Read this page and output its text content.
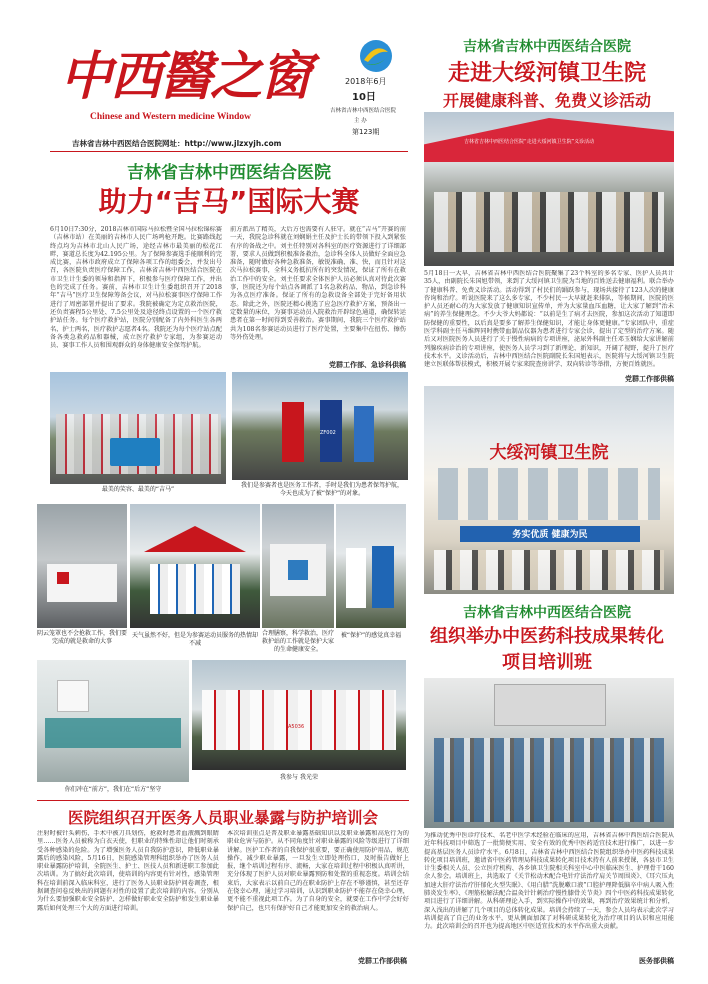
中西醫之窗
Chinese and Western medicine Window
2018年6月
10日
吉林省吉林中西医结合医院
主 办
第123期
吉林省吉林中西医结合医院网址：http://www.jlzxyjh.com
吉林省吉林中西医结合医院
助力“吉马”国际大赛
6月10日7:30分，2018吉林市国际马拉松暨全国马拉松锦标赛（吉林市站）在美丽的吉林市人民广场鸣枪开跑。比赛路线起终点均为吉林市北山人民广场，途经吉林市最美丽的松花江畔，赛道总长度为42.195公里。为了保障参赛选手能顺利的完成比赛，吉林市政府成立了保障各项工作的组委会，并发出号召，各医院负责医疗保障工作，吉林省吉林中西医结合医院在市卫生计生委的领导和指挥下，积极参与医疗保障工作，并出色的完成了任务。赛前，吉林市卫生计生委组织召开了2018年“吉马”医疗卫生保障筹备会议，对马拉松赛事医疗保障工作进行了周密部署并提出了要求。我院被确定为定点救治医院，还负责赛程5公里处、7.5公里处及途径终点设置的一个医疗救护站任务。每个医疗救护站，医院分别配备了内外科医生各两名，护士两名，医疗救护志愿者4名。我院还为每个医疗站点配备各类急救药品和器械，成立医疗救护专家组，为参赛运动员、赛事工作人员和围观群众的身体健康安全保驾护航。
前方派出了精英，大后方也需要有人驻守。就在“吉马”开赛的前一天，我院急诊科就在刘娴娟主任及护士长的带领下投入到紧张有序的备战之中。刘主任特别对各科室的医疗资源进行了详细部署，要求人员做到积极准备救治，急诊科全体人员做好全面应急准备，随时做好各种急救准备，敏锐准确、准、快，而且针对这次马拉松赛事，全科义务抵抗所有的突发情况，保证了所有在救治工作中的安全。刘主任要求全体医护人员必须认真对待此次赛事，医院还为每个站点各调派了1名急救药品、物品，到急诊科为各点医疗准备。保证了所有的急救设备全部处于完好备用状态。除此之外，医院还精心挑选了应急医疗救护方案，预备出一定数量的床位，为赛事运动员入院救治开辟绿色通道，确保转运患者在第一时间得到妥善救治。赛事期间，我院三个医疗救护站共为108名参赛运动员进行了医疗处置，主要集中在扭伤、擦伤等外伤处理。
党群工作部、急诊科供稿
最美的笑容、最美的“吉马”
ZF002
我们是参赛者也是医务工作者，手时是我们为患者保驾护航，今天也成为了被“保护”的对象。
阴云笼罩也不会抢救工作，我们要完成的就是救命的大事
天气虽然不好，但是为参赛运动员服务的热情却不减
合理膳察，科学救治，医疗救护站的工作就是保护大家的生命健康安全。
被“保护”的感觉真幸福
A5036
你们冲在“前方”，我们在“后方”坚守
我参与 我光荣
医院组织召开医务人员职业暴露与防护培训会
注射时被针头刺伤，手术中被刀具划伤，抢救时患者血液溅到眼睛里……医务人员被称为白衣天使，但职业的特殊性却让他们时刻承受各种感染的危险。为了增强医务人员自我防护意识，降低职业暴露后的感染风险，5月16日，医院感染管理科组织举办了医务人员职业暴露防护培训，全院医生、护士、医技人员和新进职工参加此次培训。为了搞好此次培训，使培训的内容更有针对性，感染管理科在培训前深入临床科室，进行了医务人员职业防护问卷调查，根据调查问卷反映出的问题有对性的设置了此次培训的内容。分别从为什么要加强职业安全防护、怎样做好职业安全防护和发生职业暴露后如何处理三个大的方面进行培训。
本次培训重点是普及职业暴露基础知识以及职业暴露和高危行为的职业危害与防护。从不同角度针对职业暴露的风险等级进行了详细讲解。医护工作者的自我保护很重要，要正确使用防护用品，规范操作，减少职业暴露，一旦发生立即处理伤口，及时报告做好上报，继个培训过程有序、流畅，大家在培训过程中积极认真听讲，充分体现了医护人员对职业暴露预防和处置的重视态度。培训会结束后，大家表示以前自己的在职业防护上存在不够谨慎，甚至还存在侥幸心理，通过学习培训，认识到职业防护不能存在侥幸心理，更不能不重视此项工作。为了自身的安全，就要在工作中学会好好保护自己，也只有保护好自己才能更加安全的救治病人。
党群工作部供稿
吉林省吉林中西医结合医院
走进大绥河镇卫生院
开展健康科普、免费义诊活动
吉林省吉林中西医结合医院“走进大绥河镇卫生院”义诊活动
5月18日一大早，吉林省吉林中西医结合医院聚集了23个科室的多名专家、医护人员共计35人，由副院长朱国旭带领，来到了大绥河镇卫生院为当地的百姓送去健康福利。联合举办了健康科普、免费义诊活动。活动得到了村民们的踊跃参与，现场共接待了123人次的健康咨询和治疗。听说医院来了这么多专家，不少村民一大早就赶来排队，等候期间，医院的医护人员还耐心的为大家发放了健康知识宣传单，并为大家量血压血糖，让大家了解到“治未病”的养生保健理念。不少大爷大妈都说：“以前是生了病才去医院，参加这次活动了知道即防保健的重要性，以后真是要多了解养生保健知识，才能让身体更健康。”专家团队中，重症医学科副主任马维辉同时携带血制品仪器为患者进行专家会诊，提出了定型的治疗方案。随后又对医院医务人员进行了关于慢性病病的专项讲座，泌尿外科副主任邓玉娴给大家讲解前列腺疾病诊治的专项讲座，使医务人员学习到了新理论、新知识，开阔了视野，提升了医疗技术水平。义诊活动后，吉林中西医结合医院副院长朱国旭表示，医院将与大绥河镇卫生院建立医联体帮扶模式，积极开展专家来院查房讲学、双向转诊等举措，方便百姓就医。
党群工作部供稿
大绥河镇卫生院
务实优质 健康为民
吉林省吉林中西医结合医院
组织举办中医药科技成果转化
项目培训班
为推动优秀中医诊疗技术、名老中医学术经验在临床的应用，吉林省吉林中西医结合医院从近年科技项目中筛选了一批简便实用、安全有效的优秀中医药适宜技术进行推广，以进一步提高基层医务人员诊疗水平。6月8日，吉林省吉林中西医结合医院组织举办中医药科技成果转化项目培训班，邀请省中医药管理局科技成果转化项目技术持有人前来授课，各县市卫生计生委相关人员、公立医疗机构、各乡镇卫生院相关科室中心中医临床医生、护理骨干160余人参会。培训班上，共选取了《关节松动术配合电针疗法治疗肩关节周围炎》、《耳穴压丸加速大肝疗法治疗肝郁化火型失眠》、《用白腊“洗脱嗽口液”口腔护理降低脑卒中病人吸入性肺炎发生率》、《理筋松解法配合温灸针针刺治疗慢性膝骨关节炎》四个中医药科技成果转化项目进行了详细讲解。从科研理论入手，到实际操作中的效果，再到治疗效果统计和分析，深入浅出的讲解了几个项目的总体转化成果。培训会持续了一天，参会人员均表示此次学习培训提高了自己的业务水平，更从侧面加深了对科研成果转化为治疗项目的认识和应用能力。此次培训会的召开也为提高地区中医适宜技术的水平作出重大贡献。
医务部供稿
